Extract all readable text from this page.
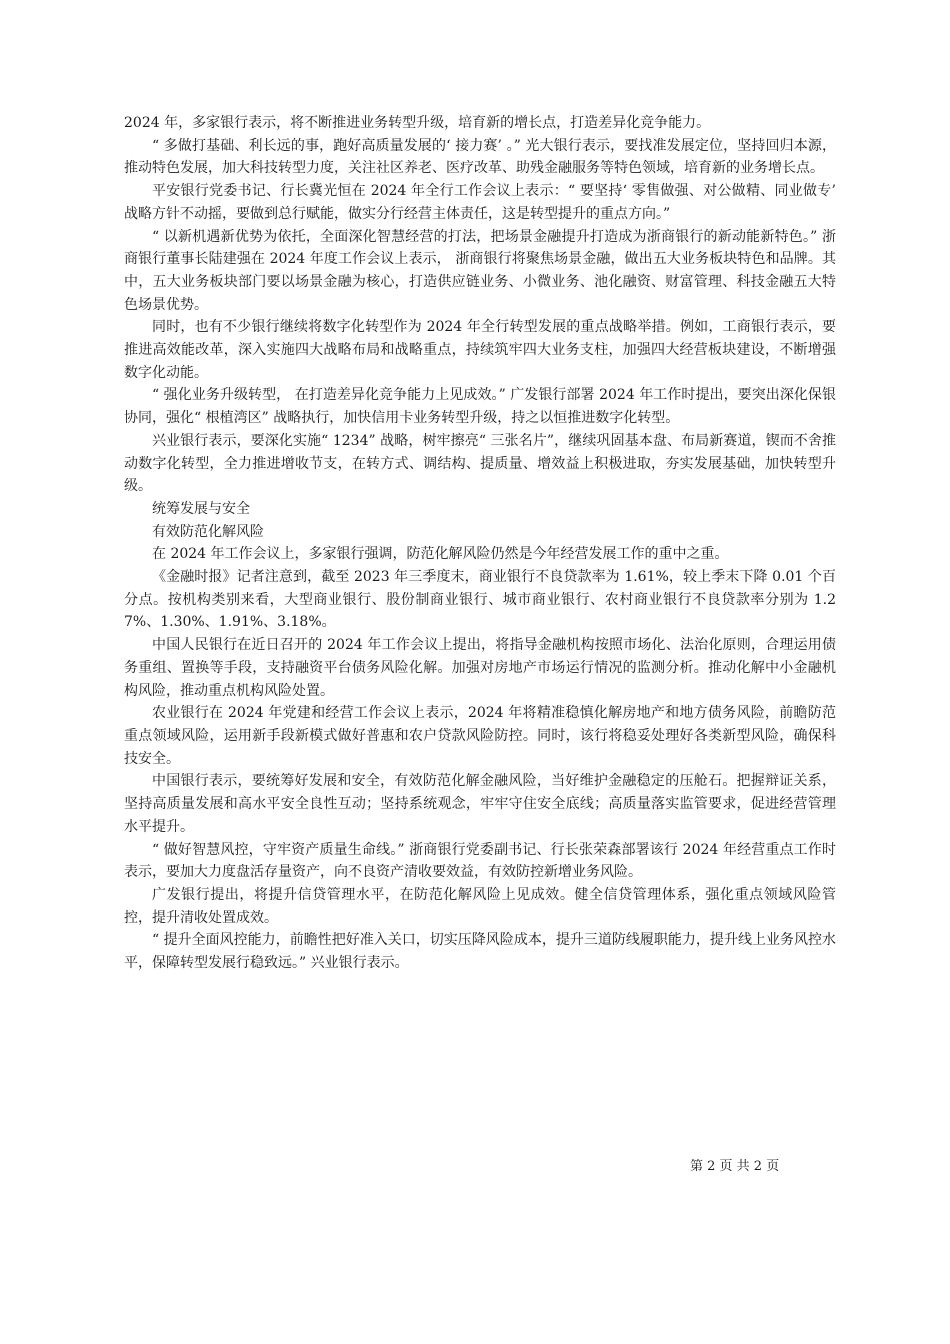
2024 年，多家银行表示，将不断推进业务转型升级，培育新的增长点，打造差异化竞争能力。

“ 多做打基础、利长远的事，跑好高质量发展的‘ 接力赛’ 。” 光大银行表示，要找准发展定位，坚持回归本源，推动特色发展，加大科技转型力度，关注社区养老、医疗改革、助残金融服务等特色领域，培育新的业务增长点。

平安银行党委书记、行长冀光恒在 2024 年全行工作会议上表示：“ 要坚持‘ 零售做强、对公做精、同业做专’ 战略方针不动摇，要做到总行赋能，做实分行经营主体责任，这是转型提升的重点方向。”

“ 以新机遇新优势为依托，全面深化智慧经营的打法，把场景金融提升打造成为浙商银行的新动能新特色。” 浙商银行董事长陆建强在 2024 年度工作会议上表示， 浙商银行将聚焦场景金融，做出五大业务板块特色和品牌。其中，五大业务板块部门要以场景金融为核心，打造供应链业务、小微业务、池化融资、财富管理、科技金融五大特色场景优势。

同时，也有不少银行继续将数字化转型作为 2024 年全行转型发展的重点战略举措。例如，工商银行表示，要推进高效能改革，深入实施四大战略布局和战略重点，持续筑牢四大业务支柱，加强四大经营板块建设，不断增强数字化动能。

“ 强化业务升级转型， 在打造差异化竞争能力上见成效。” 广发银行部署 2024 年工作时提出，要突出深化保银协同，强化“ 根植湾区” 战略执行，加快信用卡业务转型升级，持之以恒推进数字化转型。

兴业银行表示，要深化实施“ 1234” 战略，树牢擦亮“ 三张名片”，继续巩固基本盘、布局新赛道，锲而不舍推动数字化转型，全力推进增收节支，在转方式、调结构、提质量、增效益上积极进取，夯实发展基础，加快转型升级。

统筹发展与安全

有效防范化解风险

在 2024 年工作会议上，多家银行强调，防范化解风险仍然是今年经营发展工作的重中之重。

《金融时报》记者注意到，截至 2023 年三季度末，商业银行不良贷款率为 1.61%，较上季末下降 0.01 个百分点。按机构类别来看，大型商业银行、股份制商业银行、城市商业银行、农村商业银行不良贷款率分别为 1.27%、1.30%、1.91%、3.18%。

中国人民银行在近日召开的 2024 年工作会议上提出，将指导金融机构按照市场化、法治化原则，合理运用债务重组、置换等手段，支持融资平台债务风险化解。加强对房地产市场运行情况的监测分析。推动化解中小金融机构风险，推动重点机构风险处置。

农业银行在 2024 年党建和经营工作会议上表示，2024 年将精准稳慎化解房地产和地方债务风险，前瞻防范重点领域风险，运用新手段新模式做好普惠和农户贷款风险防控。同时，该行将稳妥处理好各类新型风险，确保科技安全。

中国银行表示，要统筹好发展和安全，有效防范化解金融风险，当好维护金融稳定的压舱石。把握辩证关系，坚持高质量发展和高水平安全良性互动；坚持系统观念，牢牢守住安全底线；高质量落实监管要求，促进经营管理水平提升。

“ 做好智慧风控，守牢资产质量生命线。” 浙商银行党委副书记、行长张荣森部署该行 2024 年经营重点工作时表示，要加大力度盘活存量资产，向不良资产清收要效益，有效防控新增业务风险。

广发银行提出，将提升信贷管理水平，在防范化解风险上见成效。健全信贷管理体系，强化重点领域风险管控，提升清收处置成效。

“ 提升全面风控能力，前瞻性把好准入关口，切实压降风险成本，提升三道防线履职能力，提升线上业务风控水平，保障转型发展行稳致远。” 兴业银行表示。

第 2 页 共 2 页
